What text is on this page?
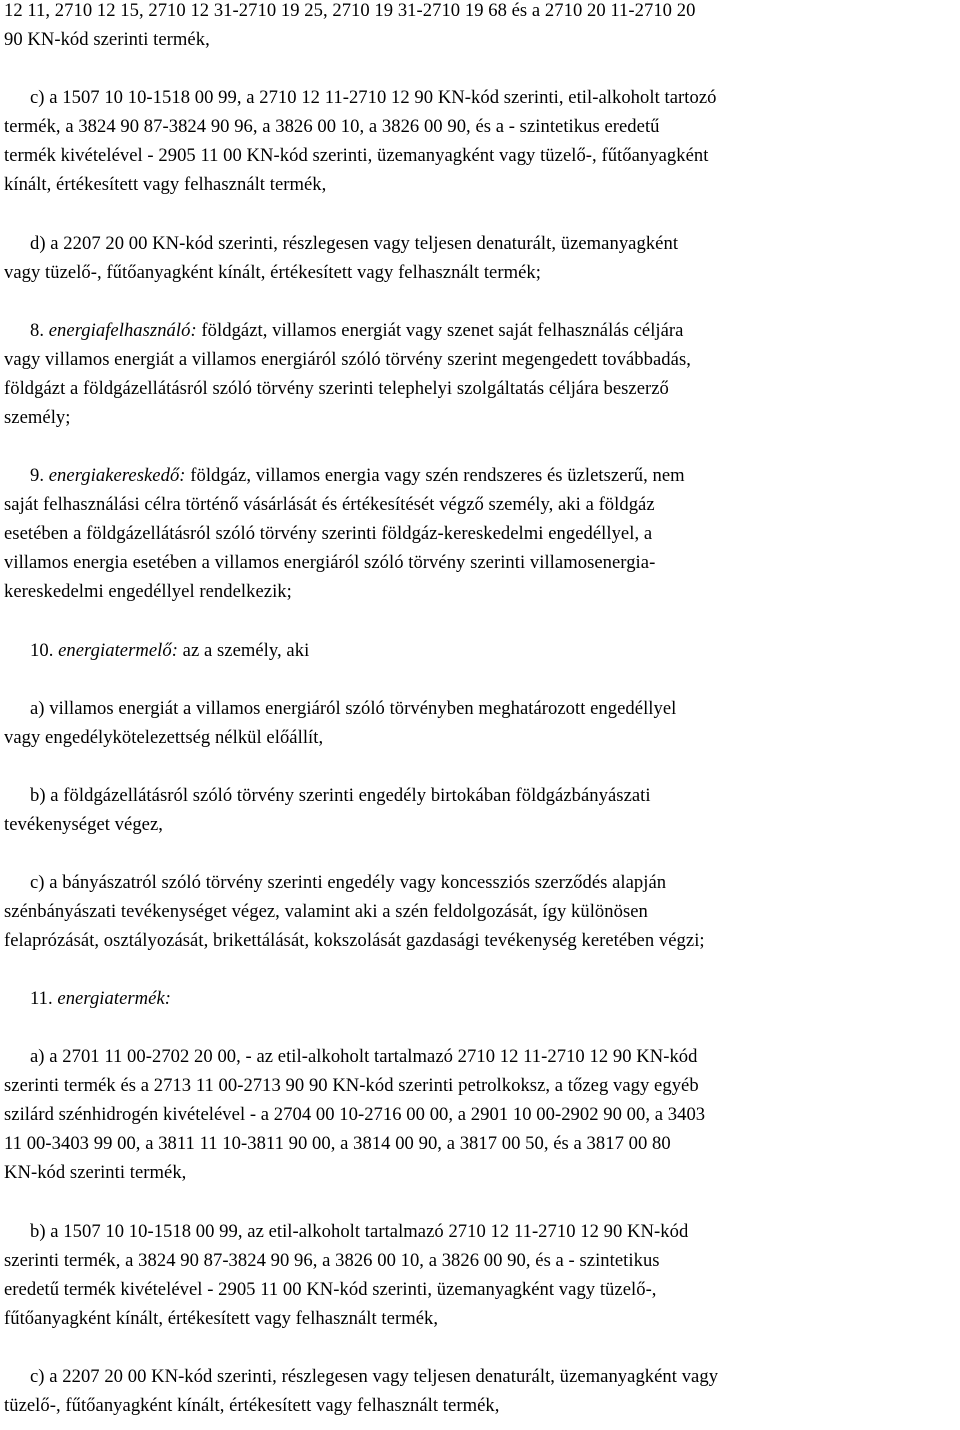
12 11, 2710 12 15, 2710 12 31-2710 19 25, 2710 19 31-2710 19 68 és a 2710 20 11-2710 20
90 KN-kód szerinti termék,
c) a 1507 10 10-1518 00 99, a 2710 12 11-2710 12 90 KN-kód szerinti, etil-alkoholt tartozó
termék, a 3824 90 87-3824 90 96, a 3826 00 10, a 3826 00 90, és a - szintetikus eredetű
termék kivételével - 2905 11 00 KN-kód szerinti, üzemanyagként vagy tüzelő-, fűtőanyagként
kínált, értékesített vagy felhasznált termék,
d) a 2207 20 00 KN-kód szerinti, részlegesen vagy teljesen denaturált, üzemanyagként
vagy tüzelő-, fűtőanyagként kínált, értékesített vagy felhasznált termék;
8. energiafelhasználó: földgázt, villamos energiát vagy szenet saját felhasználás céljára
vagy villamos energiát a villamos energiáról szóló törvény szerint megengedett továbbadás,
földgázt a földgázellátásról szóló törvény szerinti telephelyi szolgáltatás céljára beszerző
személy;
9. energiakereskedő: földgáz, villamos energia vagy szén rendszeres és üzletszerű, nem
saját felhasználási célra történő vásárlását és értékesítését végző személy, aki a földgáz
esetében a földgázellátásról szóló törvény szerinti földgáz-kereskedelmi engedéllyel, a
villamos energia esetében a villamos energiáról szóló törvény szerinti villamosenergia-
kereskedelmi engedéllyel rendelkezik;
10. energiatermelő: az a személy, aki
a) villamos energiát a villamos energiáról szóló törvényben meghatározott engedéllyel
vagy engedélykötelezettség nélkül előállít,
b) a földgázellátásról szóló törvény szerinti engedély birtokában földgázbányászati
tevékenységet végez,
c) a bányászatról szóló törvény szerinti engedély vagy koncessziós szerződés alapján
szénbányászati tevékenységet végez, valamint aki a szén feldolgozását, így különösen
felaprózását, osztályozását, brikettálását, kokszolását gazdasági tevékenység keretében végzi;
11. energiatermék:
a) a 2701 11 00-2702 20 00, - az etil-alkoholt tartalmazó 2710 12 11-2710 12 90 KN-kód
szerinti termék és a 2713 11 00-2713 90 90 KN-kód szerinti petrolkoksz, a tőzeg vagy egyéb
szilárd szénhidrogén kivételével - a 2704 00 10-2716 00 00, a 2901 10 00-2902 90 00, a 3403
11 00-3403 99 00, a 3811 11 10-3811 90 00, a 3814 00 90, a 3817 00 50, és a 3817 00 80
KN-kód szerinti termék,
b) a 1507 10 10-1518 00 99, az etil-alkoholt tartalmazó 2710 12 11-2710 12 90 KN-kód
szerinti termék, a 3824 90 87-3824 90 96, a 3826 00 10, a 3826 00 90, és a - szintetikus
eredetű termék kivételével - 2905 11 00 KN-kód szerinti, üzemanyagként vagy tüzelő-,
fűtőanyagként kínált, értékesített vagy felhasznált termék,
c) a 2207 20 00 KN-kód szerinti, részlegesen vagy teljesen denaturált, üzemanyagként vagy
tüzelő-, fűtőanyagként kínált, értékesített vagy felhasznált termék,
